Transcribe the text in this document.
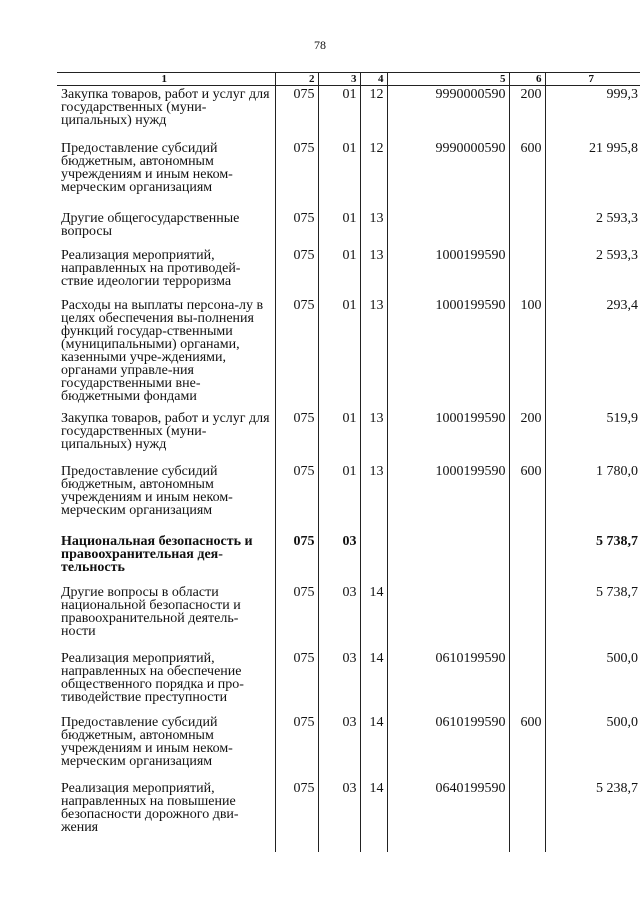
78
1	2	3	4	5	6	7
Закупка товаров, работ и услуг для государственных (муни-ципальных) нужд	075	01	12	9990000590	200	999,3
Предоставление субсидий бюджетным, автономным учреждениям и иным неком-мерческим организациям	075	01	12	9990000590	600	21 995,8
Другие общегосударственные вопросы	075	01	13			2 593,3
Реализация мероприятий, направленных на противодей-ствие идеологии терроризма	075	01	13	1000199590		2 593,3
Расходы на выплаты персона-лу в целях обеспечения вы-полнения функций государ-ственными (муниципальными) органами, казенными учре-ждениями, органами управле-ния государственными вне-бюджетными фондами	075	01	13	1000199590	100	293,4
Закупка товаров, работ и услуг для государственных (муни-ципальных) нужд	075	01	13	1000199590	200	519,9
Предоставление субсидий бюджетным, автономным учреждениям и иным неком-мерческим организациям	075	01	13	1000199590	600	1 780,0
Национальная безопасность и правоохранительная дея-тельность	075	03				5 738,7
Другие вопросы в области национальной безопасности и правоохранительной деятель-ности	075	03	14			5 738,7
Реализация мероприятий, направленных на обеспечение общественного порядка и про-тиводействие преступности	075	03	14	0610199590		500,0
Предоставление субсидий бюджетным, автономным учреждениям и иным неком-мерческим организациям	075	03	14	0610199590	600	500,0
Реализация мероприятий, направленных на повышение безопасности дорожного дви-жения	075	03	14	0640199590		5 238,7
